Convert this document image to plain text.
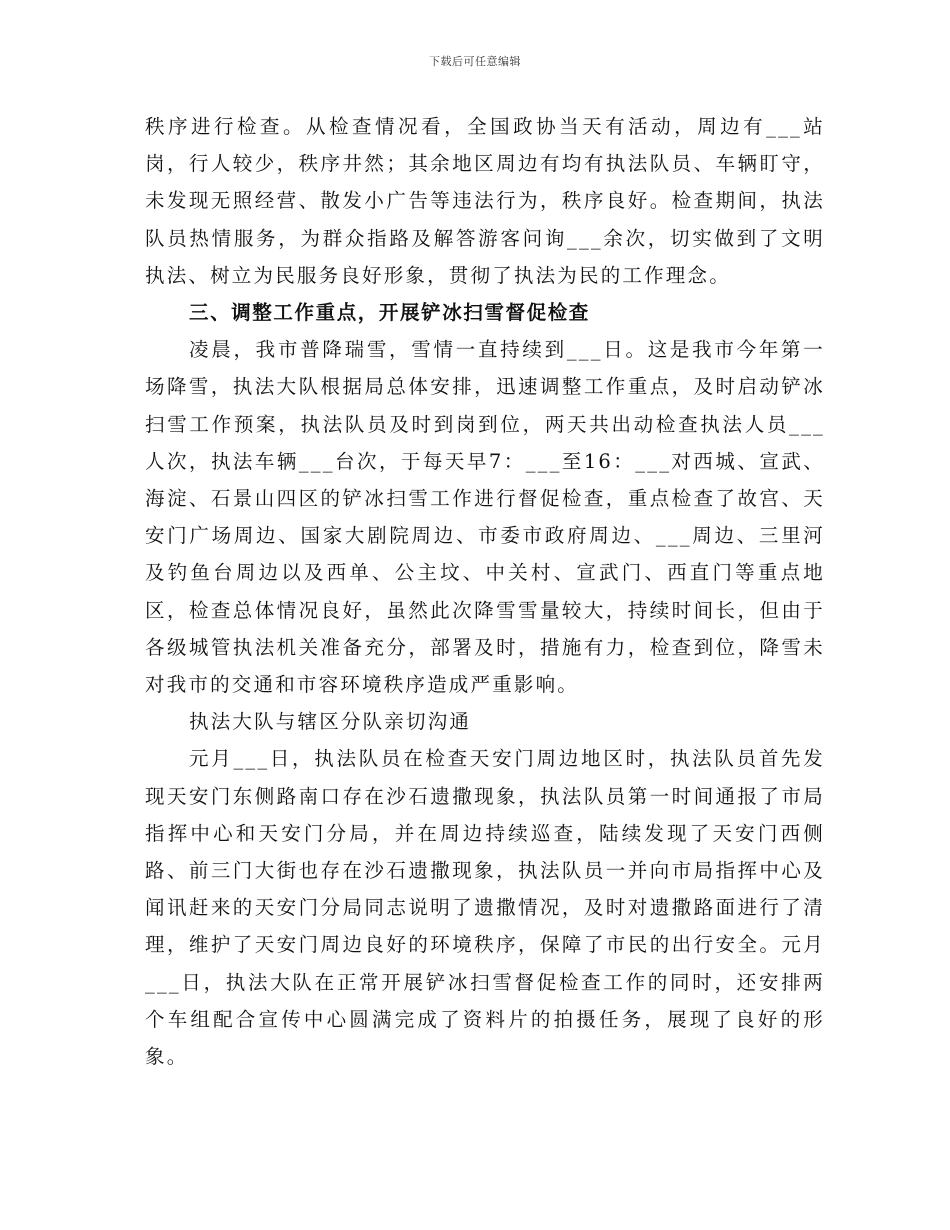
下载后可任意编辑

秩序进行检查。从检查情况看，全国政协当天有活动，周边有___站岗，行人较少，秩序井然；其余地区周边有均有执法队员、车辆盯守，未发现无照经营、散发小广告等违法行为，秩序良好。检查期间，执法队员热情服务，为群众指路及解答游客问询___余次，切实做到了文明执法、树立为民服务良好形象，贯彻了执法为民的工作理念。

三、调整工作重点，开展铲冰扫雪督促检查

凌晨，我市普降瑞雪，雪情一直持续到___日。这是我市今年第一场降雪，执法大队根据局总体安排，迅速调整工作重点，及时启动铲冰扫雪工作预案，执法队员及时到岗到位，两天共出动检查执法人员___人次，执法车辆___台次，于每天早7：___至16：___对西城、宣武、海淀、石景山四区的铲冰扫雪工作进行督促检查，重点检查了故宫、天安门广场周边、国家大剧院周边、市委市政府周边、___周边、三里河及钓鱼台周边以及西单、公主坟、中关村、宣武门、西直门等重点地区，检查总体情况良好，虽然此次降雪雪量较大，持续时间长，但由于各级城管执法机关准备充分，部署及时，措施有力，检查到位，降雪未对我市的交通和市容环境秩序造成严重影响。

执法大队与辖区分队亲切沟通

元月___日，执法队员在检查天安门周边地区时，执法队员首先发现天安门东侧路南口存在沙石遗撒现象，执法队员第一时间通报了市局指挥中心和天安门分局，并在周边持续巡查，陆续发现了天安门西侧路、前三门大街也存在沙石遗撒现象，执法队员一并向市局指挥中心及闻讯赶来的天安门分局同志说明了遗撒情况，及时对遗撒路面进行了清理，维护了天安门周边良好的环境秩序，保障了市民的出行安全。元月___日，执法大队在正常开展铲冰扫雪督促检查工作的同时，还安排两个车组配合宣传中心圆满完成了资料片的拍摄任务，展现了良好的形象。
